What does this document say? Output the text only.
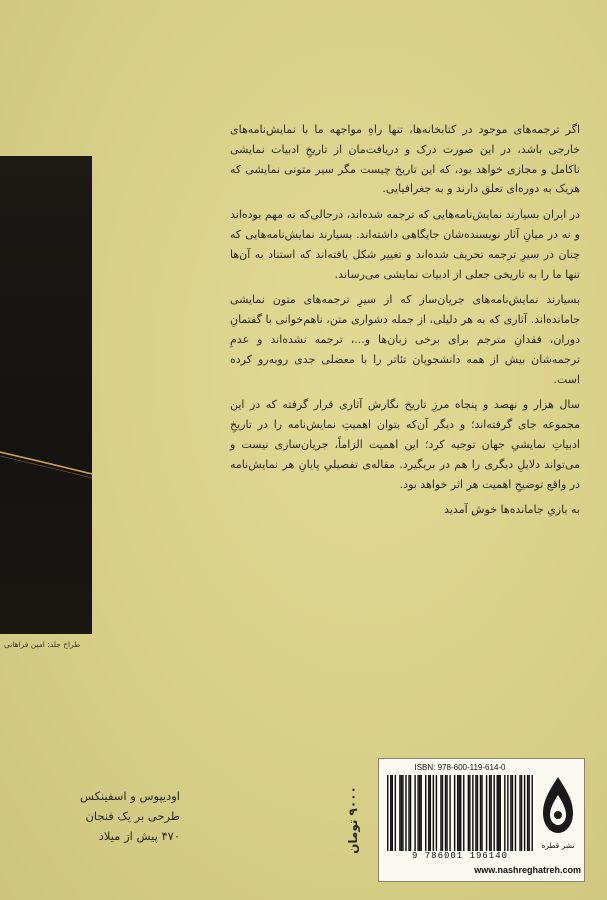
طراح جلد: امین فراهانی

اگر ترجمه‌های موجود در کتابخانه‌ها، تنها راهِ مواجهه ما با نمایش‌نامه‌های خارجی باشد، در این صورت درک و دریافت‌مان از تاریخِ ادبیات نمایشی ناکامل و مجازی خواهد بود، که این تاریخ چیست مگر سیر متونی نمایشی که هریک به دوره‌ای تعلق دارند و به جغرافیایی.

در ایران بسیارند نمایش‌نامه‌هایی که ترجمه شده‌اند، درحالی‌که نه مهم بوده‌اند و نه در میانِ آثار نویسنده‌شان جایگاهی داشته‌اند. بسیارند نمایش‌نامه‌هایی که چنان در سیرِ ترجمه تحریف شده‌اند و تغییر شکل یافته‌اند که استناد به آن‌ها تنها ما را به تاریخی جعلی از ادبیات نمایشی می‌رساند.

بسیارند نمایش‌نامه‌های جریان‌ساز که از سیرِ ترجمه‌های متون نمایشی جامانده‌اند. آثاری که به هر دلیلی، از جمله دشواری متن، ناهم‌خوانی با گفتمانِ دوران، فقدانِ مترجم برای برخی زبان‌ها و...، ترجمه نشده‌اند و عدمِ ترجمه‌شان بیش از همه دانشجویان تئاتر را با معضلی جدی روبه‌رو کرده است.

سال هزار و نهصد و پنجاه مرزِ تاریخ نگارش آثاری قرار گرفته که در این مجموعه جای گرفته‌اند؛ و دیگر آن‌که بتوان اهمیتِ نمایش‌نامه را در تاریخِ ادبیاتِ نمایشیِ جهان توجیه کرد؛ این اهمیت الزاماً، جریان‌سازی نیست و می‌تواند دلایلِ دیگری را هم در بربگیرد. مقاله‌ی تفصیلیِ پایانِ هر نمایش‌نامه در واقع توضیحِ اهمیت هر اثر خواهد بود.

به بازیِ جامانده‌ها خوش آمدید

اودیپوس و اسفینکس
طرحی بر یک فنجان
۴۷۰ پیش از میلاد	۹۰۰۰ تومان
ISBN: 978-600-119-614-0
9 786001 196140
نشر قطره
www.nashreghatreh.com
